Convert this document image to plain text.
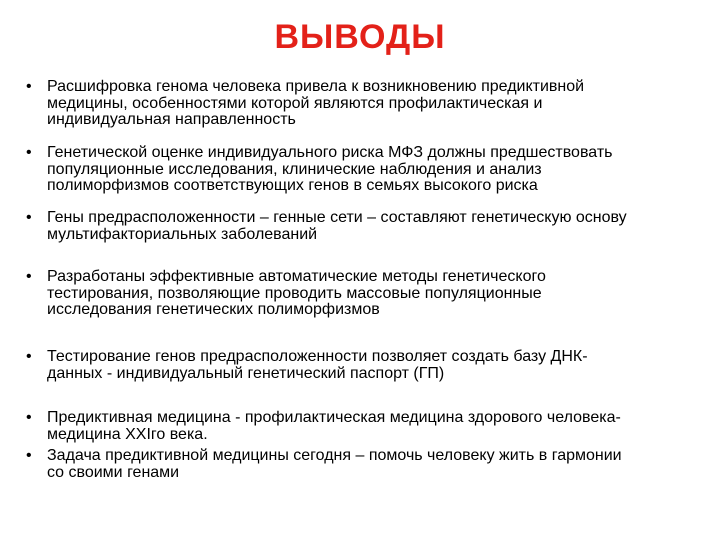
ВЫВОДЫ
• Расшифровка генома человека привела к возникновению предиктивной
медицины, особенностями которой являются профилактическая и
индивидуальная направленность
• Генетической оценке индивидуального риска МФЗ должны предшествовать
популяционные исследования, клинические наблюдения и анализ
полиморфизмов соответствующих генов в семьях высокого риска
• Гены предрасположенности – генные сети – составляют генетическую основу
мультифакториальных заболеваний
• Разработаны эффективные автоматические методы генетического
тестирования, позволяющие проводить массовые популяционные
исследования генетических полиморфизмов
• Тестирование генов предрасположенности позволяет создать базу ДНК-
данных - индивидуальный генетический паспорт (ГП)
• Предиктивная медицина - профилактическая медицина здорового человека-
медицина XXIго века.
• Задача предиктивной медицины сегодня – помочь человеку жить в гармонии
со своими генами
